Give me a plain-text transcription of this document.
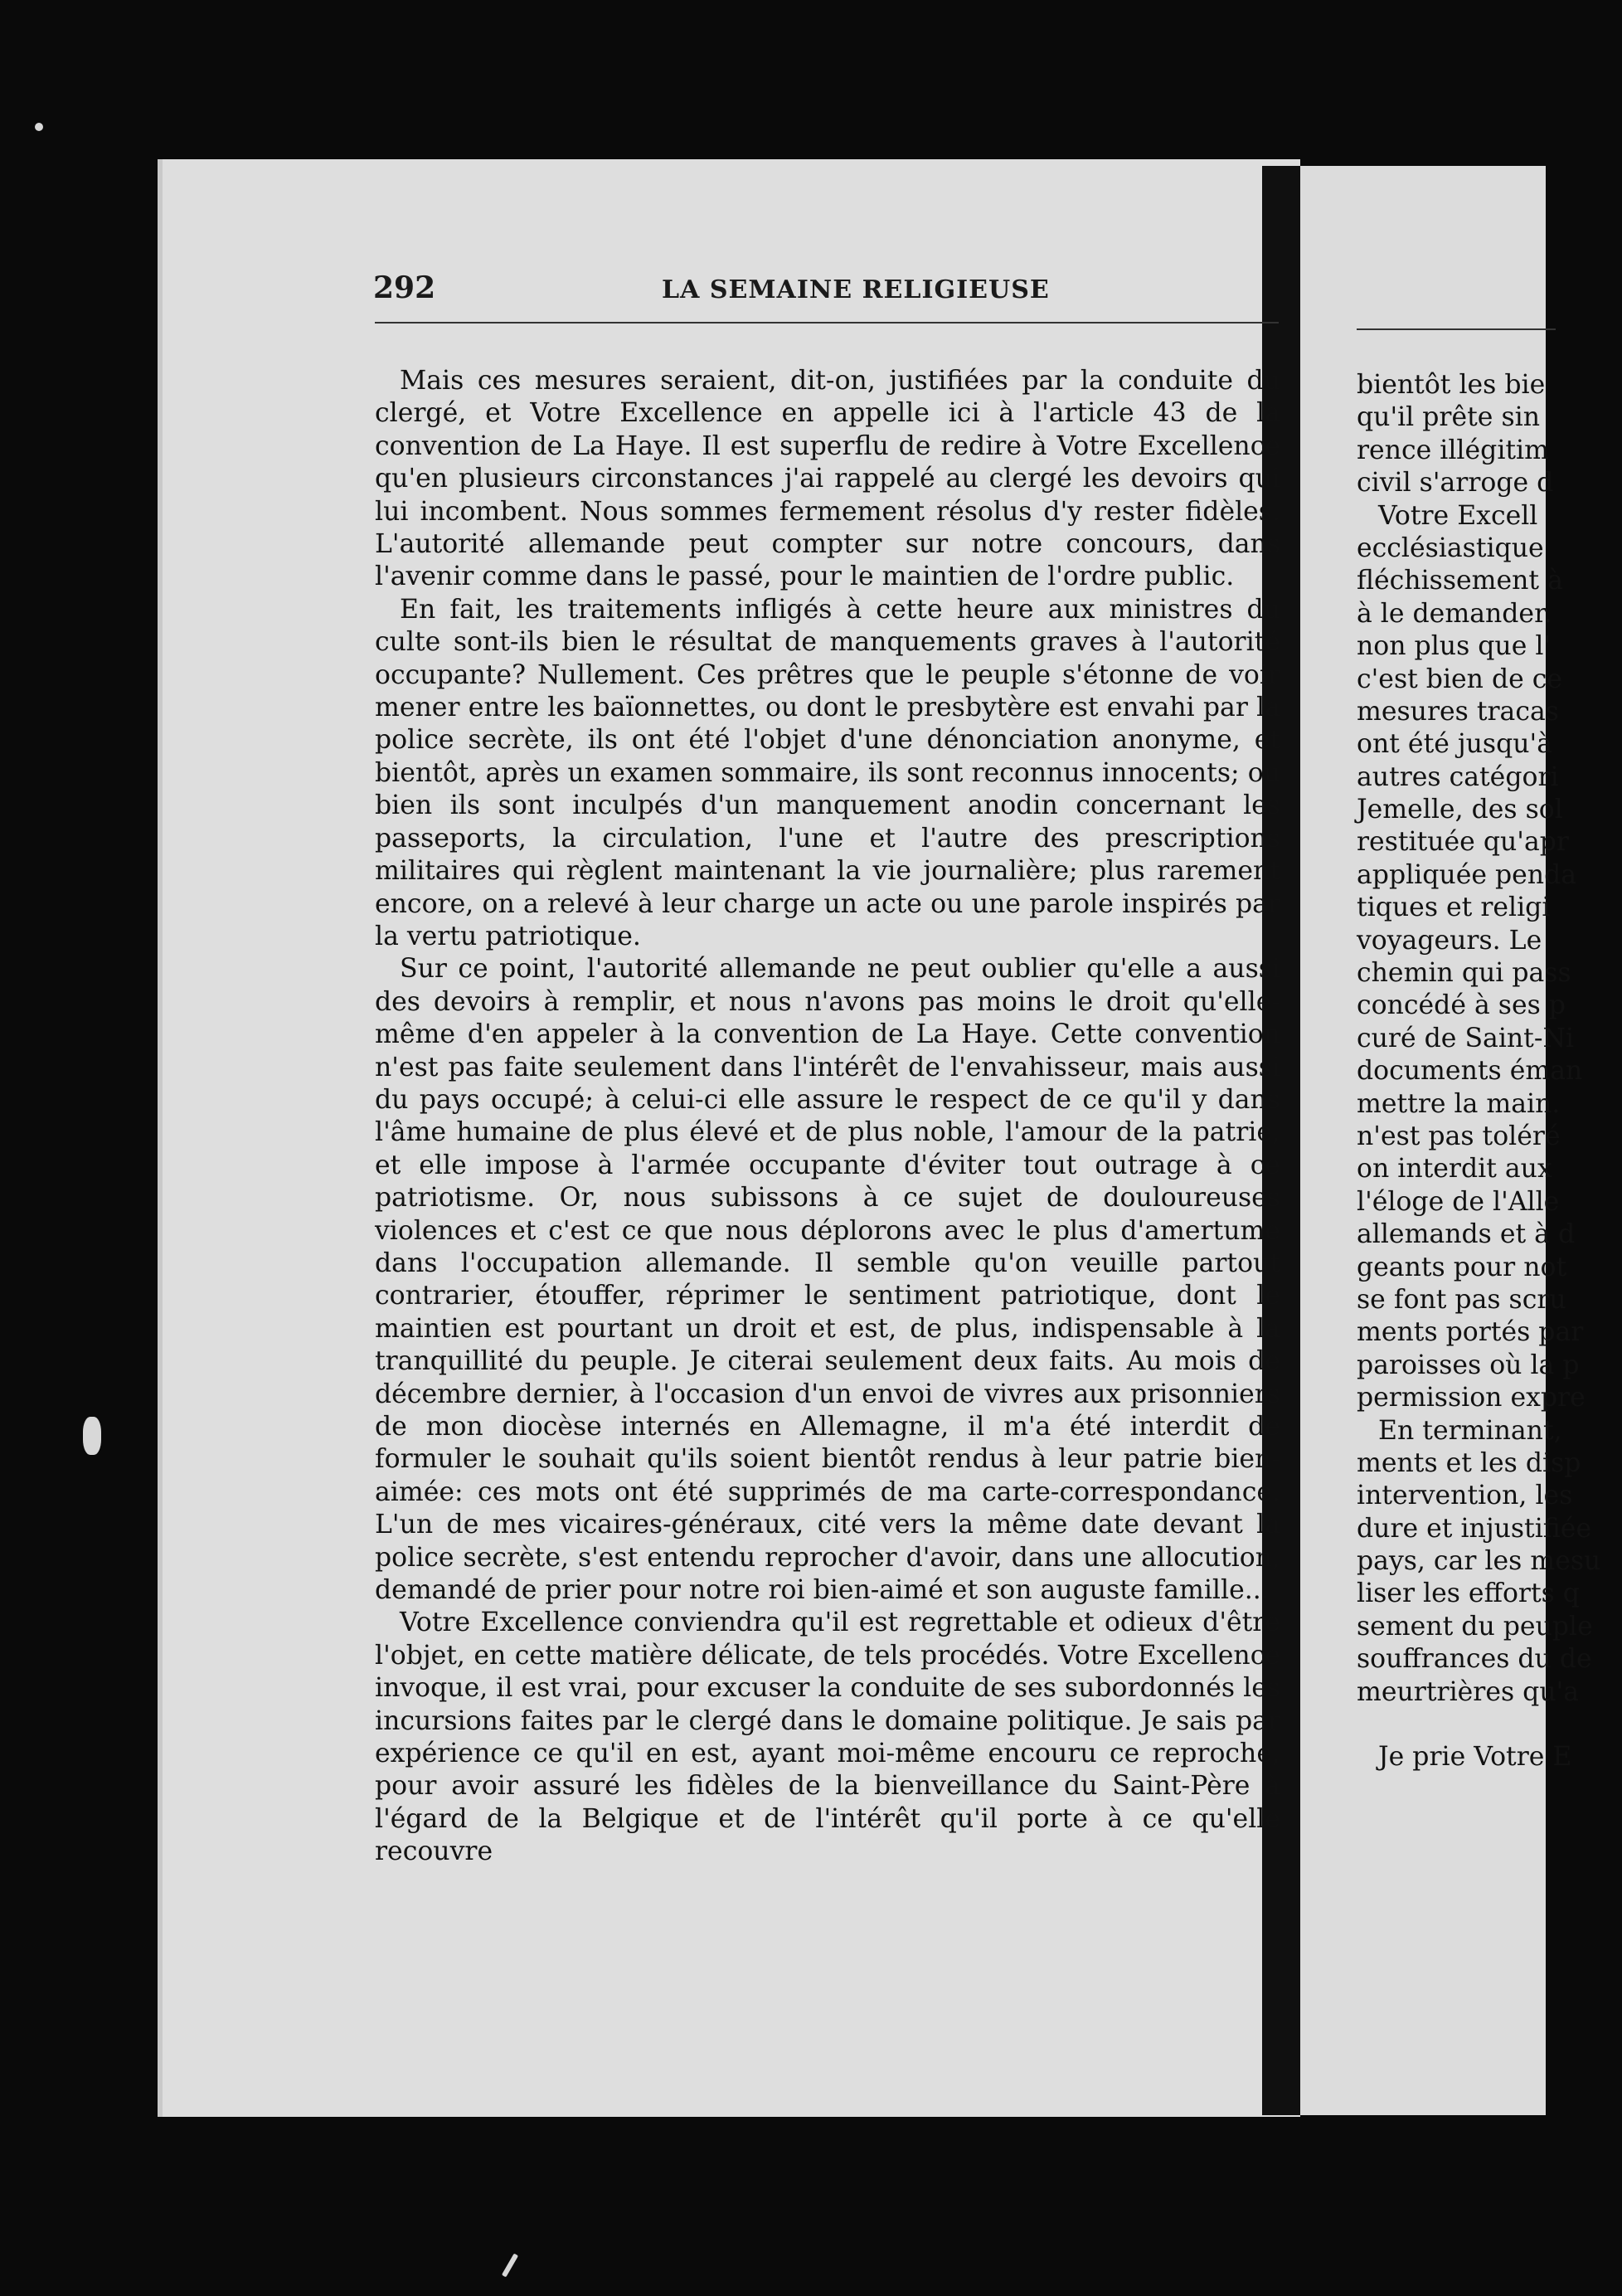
292	LA SEMAINE RELIGIEUSE

Mais ces mesures seraient, dit-on, justifiées par la conduite du clergé, et Votre Excellence en appelle ici à l'article 43 de la convention de La Haye. Il est superflu de redire à Votre Excellence qu'en plusieurs circonstances j'ai rappelé au clergé les devoirs qui lui incombent. Nous sommes fermement résolus d'y rester fidèles. L'autorité allemande peut compter sur notre concours, dans l'avenir comme dans le passé, pour le maintien de l'ordre public.

En fait, les traitements infligés à cette heure aux ministres du culte sont-ils bien le résultat de manquements graves à l'autorité occupante? Nullement. Ces prêtres que le peuple s'étonne de voir mener entre les baïonnettes, ou dont le presbytère est envahi par la police secrète, ils ont été l'objet d'une dénonciation anonyme, et bientôt, après un examen sommaire, ils sont reconnus innocents; ou bien ils sont inculpés d'un manquement anodin concernant les passeports, la circulation, l'une et l'autre des prescriptions militaires qui règlent maintenant la vie journalière; plus rarement encore, on a relevé à leur charge un acte ou une parole inspirés par la vertu patriotique.

Sur ce point, l'autorité allemande ne peut oublier qu'elle a aussi des devoirs à remplir, et nous n'avons pas moins le droit qu'elle-même d'en appeler à la convention de La Haye. Cette convention n'est pas faite seulement dans l'intérêt de l'envahisseur, mais aussi du pays occupé; à celui-ci elle assure le respect de ce qu'il y dans l'âme humaine de plus élevé et de plus noble, l'amour de la patrie, et elle impose à l'armée occupante d'éviter tout outrage à ce patriotisme. Or, nous subissons à ce sujet de douloureuses violences et c'est ce que nous déplorons avec le plus d'amertume dans l'occupation allemande. Il semble qu'on veuille partout contrarier, étouffer, réprimer le sentiment patriotique, dont le maintien est pourtant un droit et est, de plus, indispensable à la tranquillité du peuple. Je citerai seulement deux faits. Au mois de décembre dernier, à l'occasion d'un envoi de vivres aux prisonniers de mon diocèse internés en Allemagne, il m'a été interdit de formuler le souhait qu'ils soient bientôt rendus à leur patrie bien-aimée: ces mots ont été supprimés de ma carte-correspondance. L'un de mes vicaires-généraux, cité vers la même date devant la police secrète, s'est entendu reprocher d'avoir, dans une allocution, demandé de prier pour notre roi bien-aimé et son auguste famille...

Votre Excellence conviendra qu'il est regrettable et odieux d'être l'objet, en cette matière délicate, de tels procédés. Votre Excellence invoque, il est vrai, pour excuser la conduite de ses subordonnés les incursions faites par le clergé dans le domaine politique. Je sais par expérience ce qu'il en est, ayant moi-même encouru ce reproche, pour avoir assuré les fidèles de la bienveillance du Saint-Père à l'égard de la Belgique et de l'intérêt qu'il porte à ce qu'elle recouvre

bientôt les bie
qu'il prête sin
rence illégitim
civil s'arroge d
Votre Excell
ecclésiastique
fléchissement à
à le demander.
non plus que l'
c'est bien de ce
mesures tracas
ont été jusqu'à
autres catégori
Jemelle, des sol
restituée qu'apr
appliquée penda
tiques et religi
voyageurs. Le
chemin qui pass
concédé à ses p
curé de Saint-Ni
documents éman
mettre la main.
n'est pas toléré
on interdit aux
l'éloge de l'Alle
allemands et à d
geants pour not
se font pas scru
ments portés par
paroisses où la p
permission expre
En terminant,
ments et les disp
intervention, les
dure et injustifiée
pays, car les mesu
liser les efforts q
sement du peuple
souffrances du de
meurtrières qu'a
Je prie Votre E
